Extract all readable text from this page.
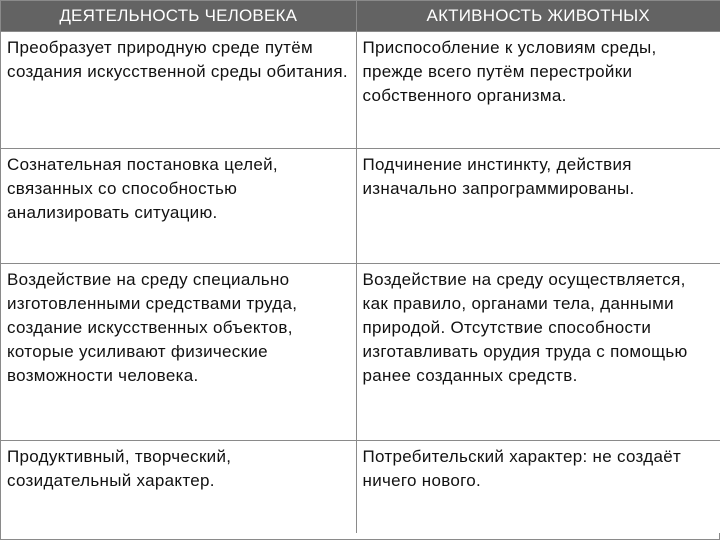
ДЕЯТЕЛЬНОСТЬ ЧЕЛОВЕКА	АКТИВНОСТЬ ЖИВОТНЫХ
Преобразует природную среде путём создания искусственной среды обитания.	Приспособление к условиям среды, прежде всего путём перестройки собственного организма.
Сознательная постановка целей, связанных со способностью анализировать ситуацию.	Подчинение инстинкту, действия изначально запрограммированы.
Воздействие на среду специально изготовленными средствами труда, создание искусственных объектов, которые усиливают физические возможности человека.	Воздействие на среду осуществляется, как правило, органами тела, данными природой. Отсутствие способности изготавливать орудия труда с помощью ранее созданных средств.
Продуктивный, творческий, созидательный характер.	Потребительский характер: не создаёт ничего нового.
